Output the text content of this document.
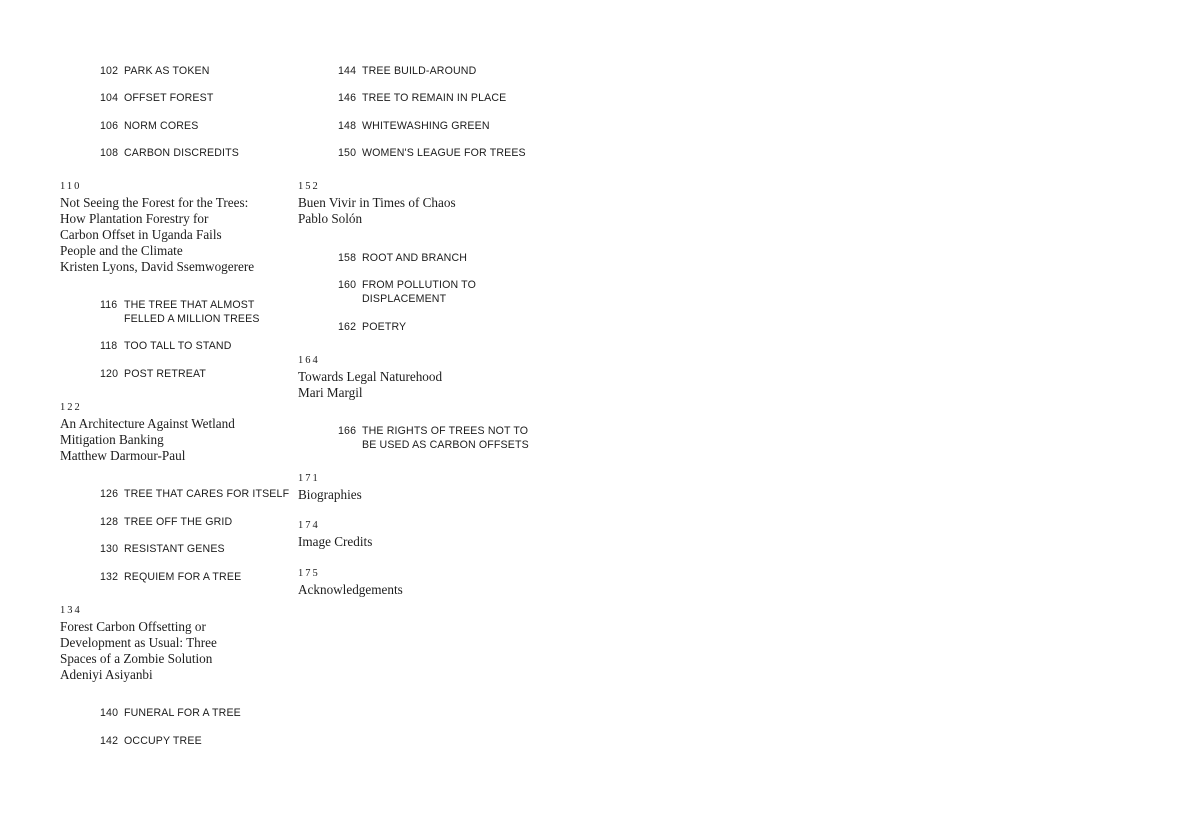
102 PARK AS TOKEN
104 OFFSET FOREST
106 NORM CORES
108 CARBON DISCREDITS
110
Not Seeing the Forest for the Trees:
How Plantation Forestry for
Carbon Offset in Uganda Fails
People and the Climate
Kristen Lyons, David Ssemwogerere
116 THE TREE THAT ALMOST
FELLED A MILLION TREES
118 TOO TALL TO STAND
120 POST RETREAT
122
An Architecture Against Wetland
Mitigation Banking
Matthew Darmour-Paul
126 TREE THAT CARES FOR ITSELF
128 TREE OFF THE GRID
130 RESISTANT GENES
132 REQUIEM FOR A TREE
134
Forest Carbon Offsetting or
Development as Usual: Three
Spaces of a Zombie Solution
Adeniyi Asiyanbi
140 FUNERAL FOR A TREE
142 OCCUPY TREE
144 TREE BUILD-AROUND
146 TREE TO REMAIN IN PLACE
148 WHITEWASHING GREEN
150 WOMEN'S LEAGUE FOR TREES
152
Buen Vivir in Times of Chaos
Pablo Solón
158 ROOT AND BRANCH
160 FROM POLLUTION TO
DISPLACEMENT
162 POETRY
164
Towards Legal Naturehood
Mari Margil
166 THE RIGHTS OF TREES NOT TO
BE USED AS CARBON OFFSETS
171
Biographies
174
Image Credits
175
Acknowledgements
